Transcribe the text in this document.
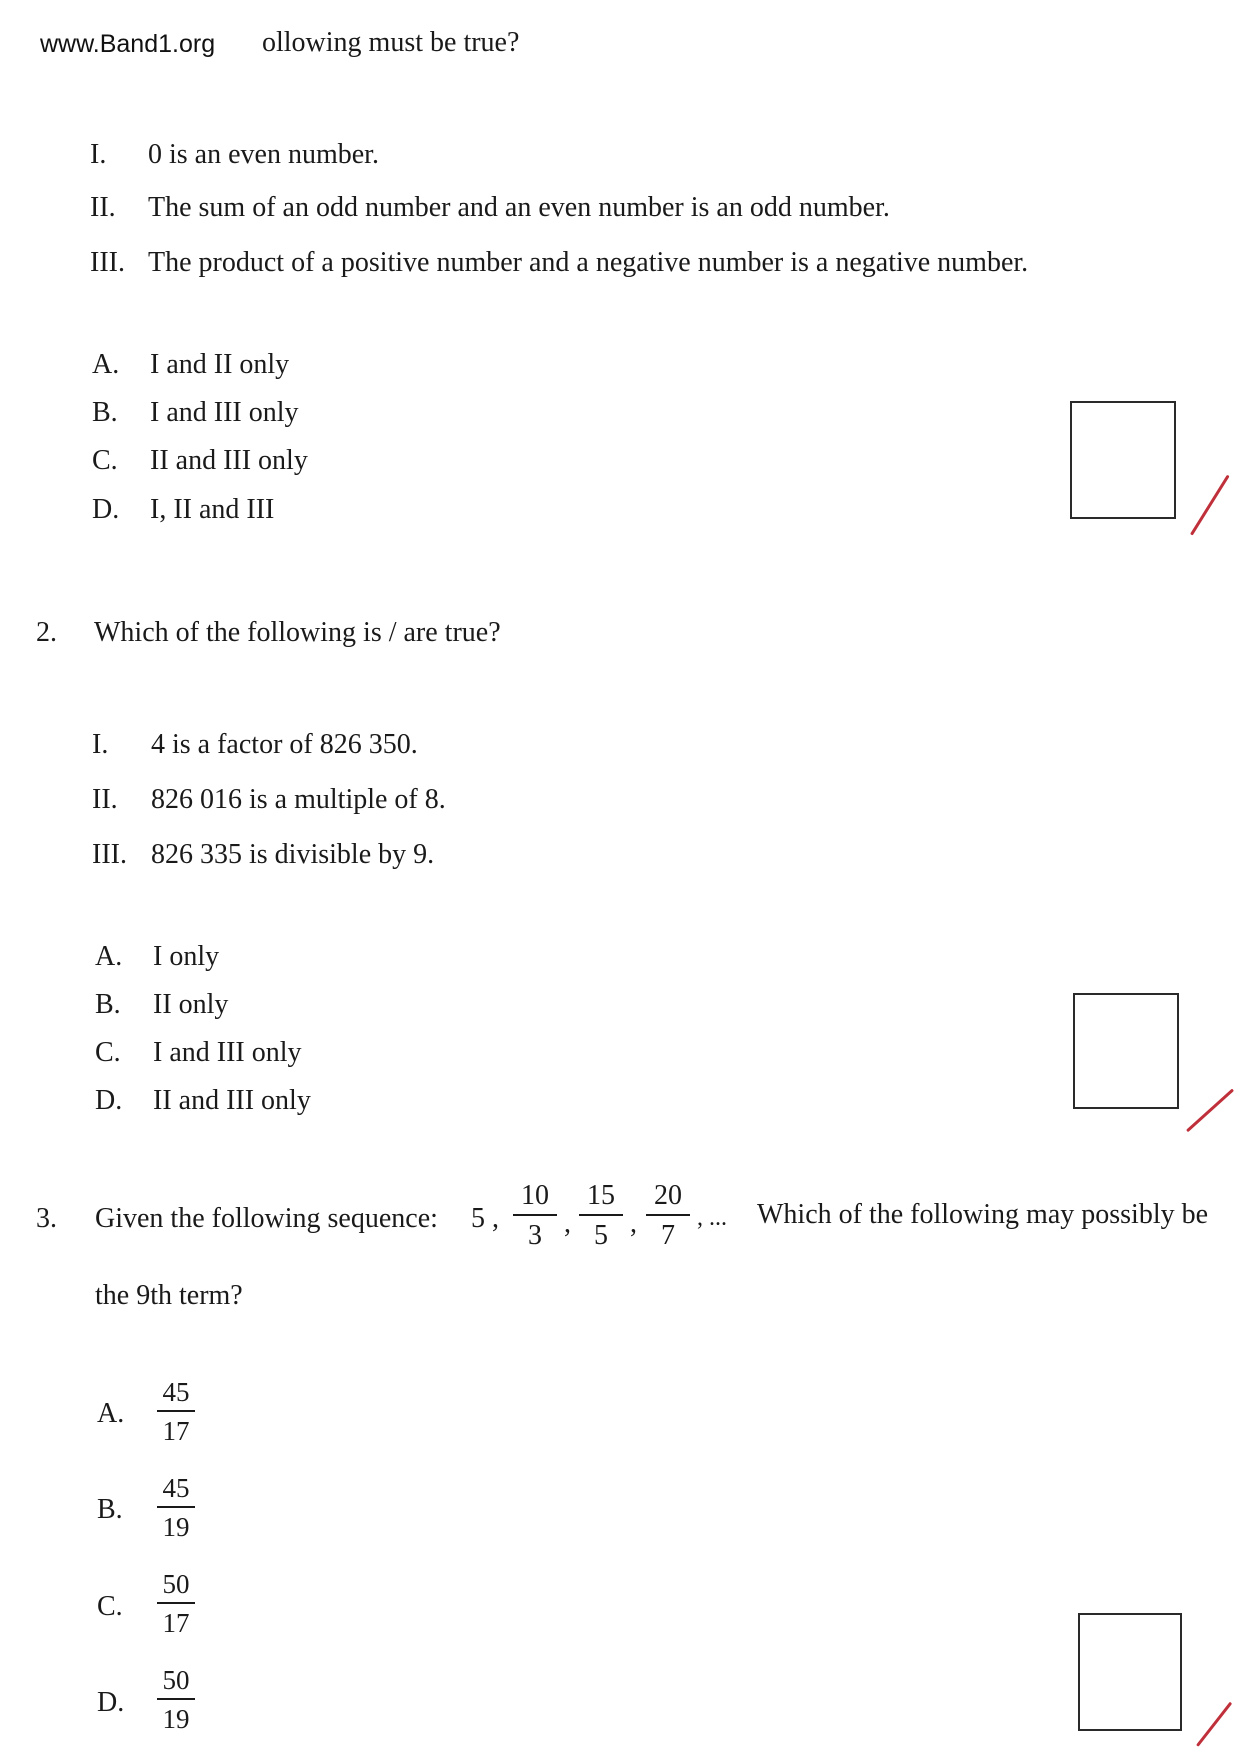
www.Band1.org ollowing must be true?
I. 0 is an even number.
II. The sum of an odd number and an even number is an odd number.
III. The product of a positive number and a negative number is a negative number.
A. I and II only
B. I and III only
C. II and III only
D. I, II and III
2. Which of the following is / are true?
I. 4 is a factor of 826 350.
II. 826 016 is a multiple of 8.
III. 826 335 is divisible by 9.
A. I only
B. II only
C. I and III only
D. II and III only
3. Given the following sequence: 5 ,
10
3 ,
15
5 ,
20
7
, ... Which of the following may possibly be
the 9th term?
A.
45
17
B.
45
19
C.
50
17
D.
50
19
